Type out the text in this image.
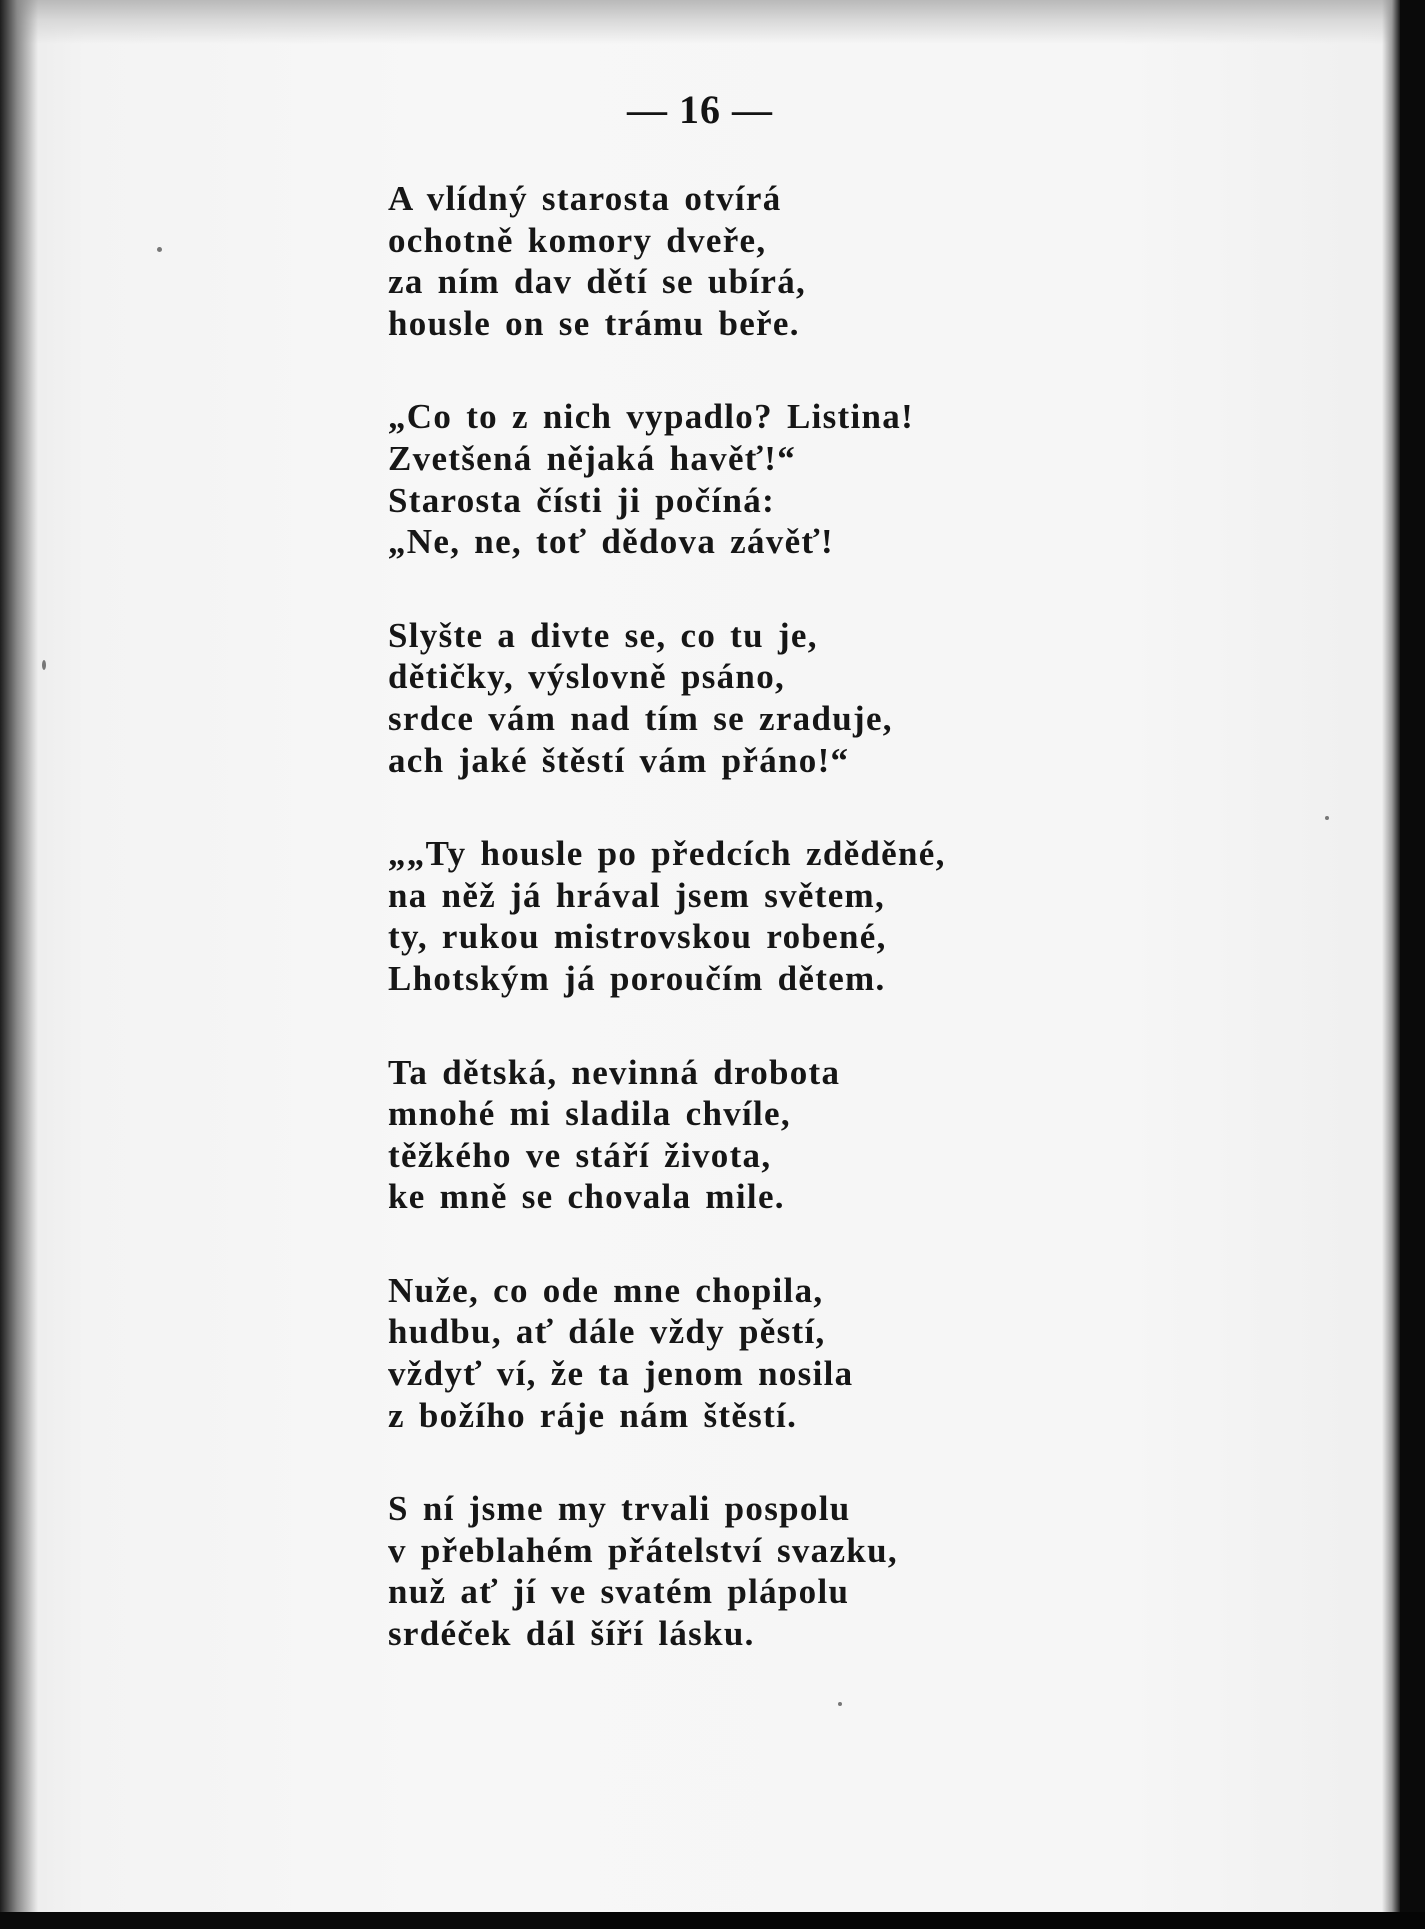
— 16 —
A vlídný starosta otvírá
ochotně komory dveře,
za ním dav dětí se ubírá,
housle on se trámu beře.
„Co to z nich vypadlo? Listina!
Zvetšená nějaká havěť!“
Starosta čísti ji počíná:
„Ne, ne, toť dědova závěť!
Slyšte a divte se, co tu je,
dětičky, výslovně psáno,
srdce vám nad tím se zraduje,
ach jaké štěstí vám přáno!“
„„Ty housle po předcích zděděné,
na něž já hrával jsem světem,
ty, rukou mistrovskou robené,
Lhotským já poroučím dětem.
Ta dětská, nevinná drobota
mnohé mi sladila chvíle,
těžkého ve stáří života,
ke mně se chovala mile.
Nuže, co ode mne chopila,
hudbu, ať dále vždy pěstí,
vždyť ví, že ta jenom nosila
z božího ráje nám štěstí.
S ní jsme my trvali pospolu
v přeblahém přátelství svazku,
nuž ať jí ve svatém plápolu
srdéček dál šíří lásku.
